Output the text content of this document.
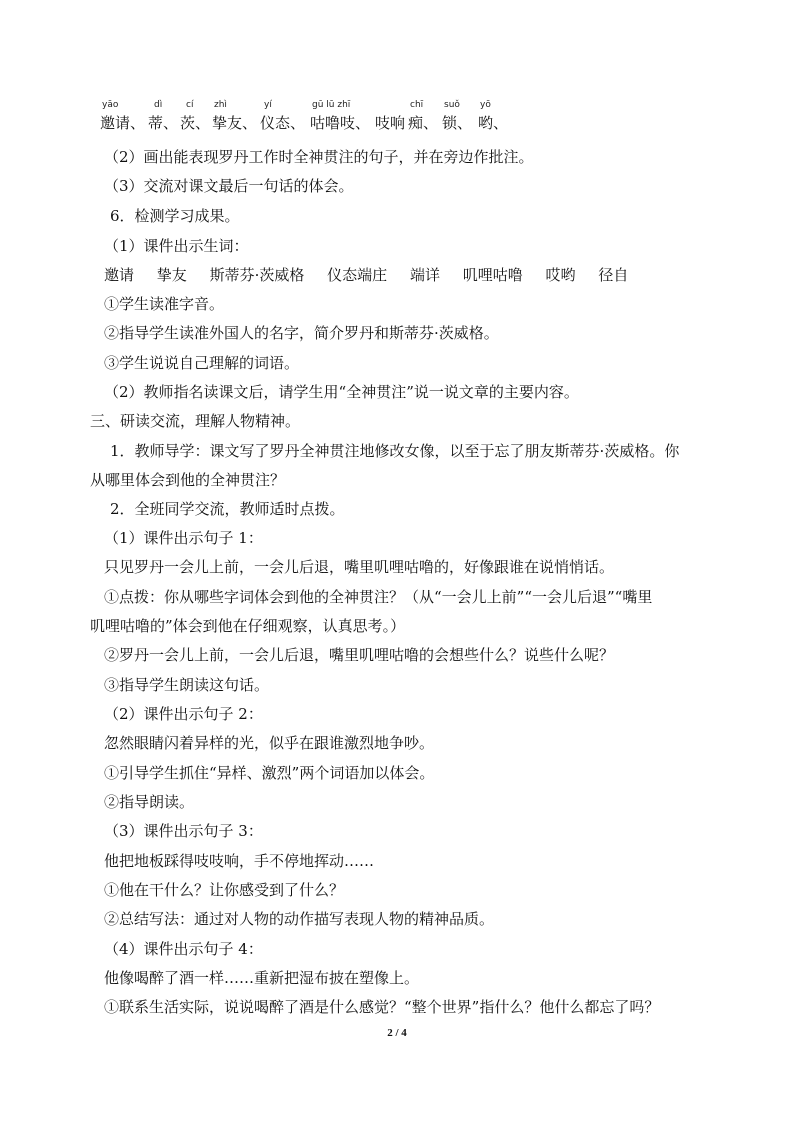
yāo
邀请、
dì
蒂、
cí
茨、
zhì
挚友、
yí
仪态、
gū lū zhī
咕噜吱、 吱响
chī
痴、
suǒ
锁、
yō
哟、
（2）画出能表现罗丹工作时全神贯注的句子，并在旁边作批注。
（3）交流对课文最后一句话的体会。
6．检测学习成果。
（1）课件出示生词：
邀请 挚友 斯蒂芬·茨威格 仪态端庄 端详 叽哩咕噜 哎哟 径自
①学生读准字音。
②指导学生读准外国人的名字，简介罗丹和斯蒂芬·茨威格。
③学生说说自己理解的词语。
（2）教师指名读课文后，请学生用“全神贯注”说一说文章的主要内容。
三、研读交流，理解人物精神。
1．教师导学：课文写了罗丹全神贯注地修改女像，以至于忘了朋友斯蒂芬·茨威格。你
从哪里体会到他的全神贯注？
2．全班同学交流，教师适时点拨。
（1）课件出示句子 1：
只见罗丹一会儿上前，一会儿后退，嘴里叽哩咕噜的，好像跟谁在说悄悄话。
①点拨：你从哪些字词体会到他的全神贯注？（从“一会儿上前”“一会儿后退”“嘴里
叽哩咕噜的”体会到他在仔细观察，认真思考。）
②罗丹一会儿上前，一会儿后退，嘴里叽哩咕噜的会想些什么？说些什么呢？
③指导学生朗读这句话。
（2）课件出示句子 2：
忽然眼睛闪着异样的光，似乎在跟谁激烈地争吵。
①引导学生抓住“异样、激烈”两个词语加以体会。
②指导朗读。
（3）课件出示句子 3：
他把地板踩得吱吱响，手不停地挥动……
①他在干什么？让你感受到了什么？
②总结写法：通过对人物的动作描写表现人物的精神品质。
（4）课件出示句子 4：
他像喝醉了酒一样……重新把湿布披在塑像上。
①联系生活实际，说说喝醉了酒是什么感觉？“整个世界”指什么？他什么都忘了吗？
2 / 4
